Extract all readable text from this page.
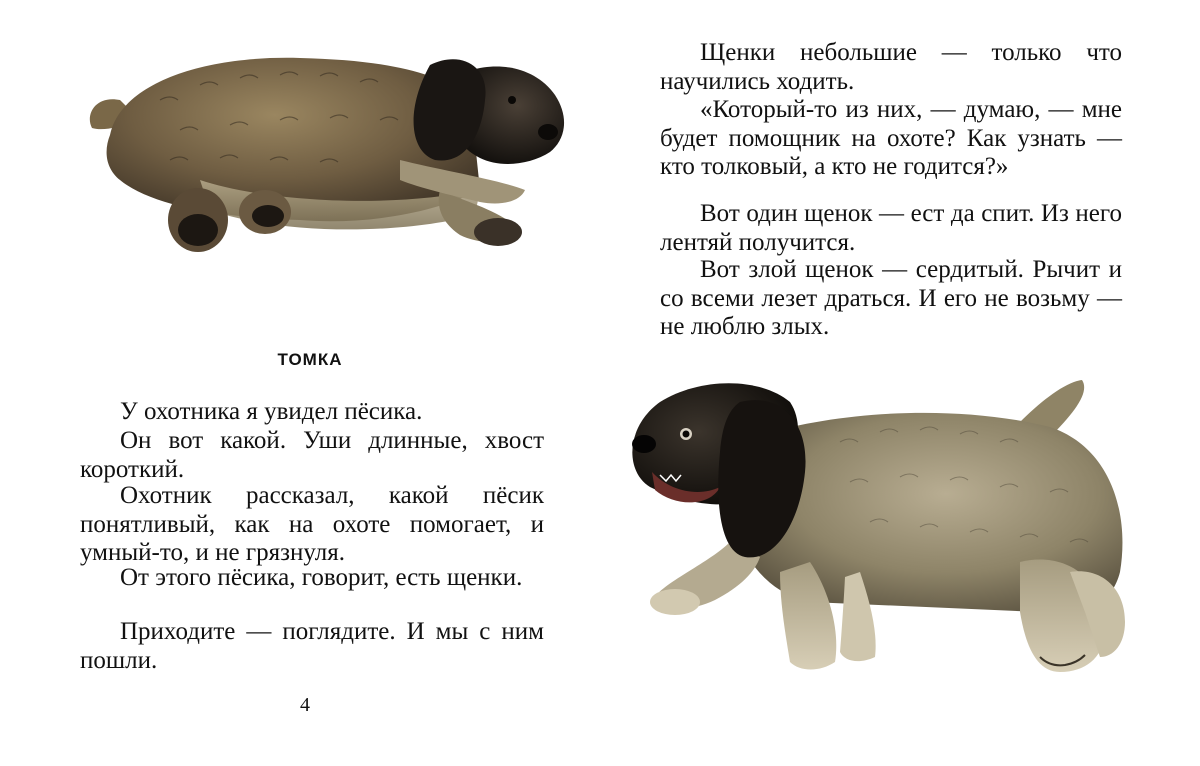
Щенки небольшие — только что научились ходить.

«Который-то из них, — думаю, — мне будет помощник на охоте? Как узнать — кто толковый, а кто не годится?»

Вот один щенок — ест да спит. Из него лентяй получится.

Вот злой щенок — сердитый. Рычит и со всеми лезет драться. И его не возьму — не люблю злых.

ТОМКА

У охотника я увидел пёсика.

Он вот какой. Уши длинные, хвост короткий.

Охотник рассказал, какой пёсик понятливый, как на охоте помогает, и умный-то, и не грязнуля.

От этого пёсика, говорит, есть щенки.

Приходите — поглядите. И мы с ним пошли.

4
